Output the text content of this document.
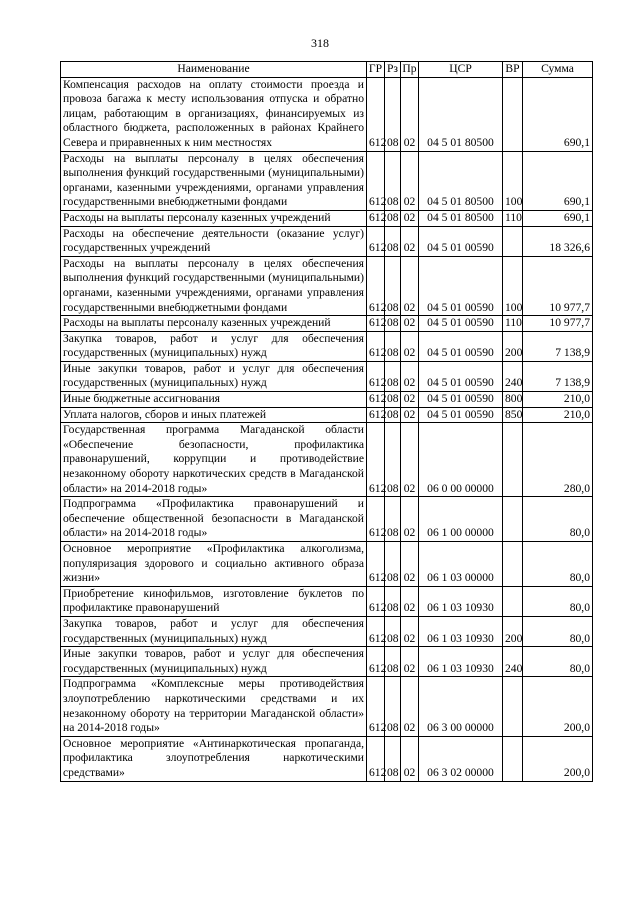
318
Наименование	ГР	Рз	Пр	ЦСР	ВР	Сумма
Компенсация расходов на оплату стоимости проезда и провоза багажа к месту использования отпуска и обратно лицам, работающим в организациях, финансируемых из областного бюджета, расположенных в районах Крайнего Севера и приравненных к ним местностях	612	08	02	04 5 01 80500		690,1
Расходы на выплаты персоналу в целях обеспечения выполнения функций государственными (муниципальными) органами, казенными учреждениями, органами управления государственными внебюджетными фондами	612	08	02	04 5 01 80500	100	690,1
Расходы на выплаты персоналу казенных учреждений	612	08	02	04 5 01 80500	110	690,1
Расходы на обеспечение деятельности (оказание услуг) государственных учреждений	612	08	02	04 5 01 00590		18 326,6
Расходы на выплаты персоналу в целях обеспечения выполнения функций государственными (муниципальными) органами, казенными учреждениями, органами управления государственными внебюджетными фондами	612	08	02	04 5 01 00590	100	10 977,7
Расходы на выплаты персоналу казенных учреждений	612	08	02	04 5 01 00590	110	10 977,7
Закупка товаров, работ и услуг для обеспечения государственных (муниципальных) нужд	612	08	02	04 5 01 00590	200	7 138,9
Иные закупки товаров, работ и услуг для обеспечения государственных (муниципальных) нужд	612	08	02	04 5 01 00590	240	7 138,9
Иные бюджетные ассигнования	612	08	02	04 5 01 00590	800	210,0
Уплата налогов, сборов и иных платежей	612	08	02	04 5 01 00590	850	210,0
Государственная программа Магаданской области «Обеспечение безопасности, профилактика правонарушений, коррупции и противодействие незаконному обороту наркотических средств в Магаданской области» на 2014-2018 годы»	612	08	02	06 0 00 00000		280,0
Подпрограмма «Профилактика правонарушений и обеспечение общественной безопасности в Магаданской области» на 2014-2018 годы»	612	08	02	06 1 00 00000		80,0
Основное мероприятие «Профилактика алкоголизма, популяризация здорового и социально активного образа жизни»	612	08	02	06 1 03 00000		80,0
Приобретение кинофильмов, изготовление буклетов по профилактике правонарушений	612	08	02	06 1 03 10930		80,0
Закупка товаров, работ и услуг для обеспечения государственных (муниципальных) нужд	612	08	02	06 1 03 10930	200	80,0
Иные закупки товаров, работ и услуг для обеспечения государственных (муниципальных) нужд	612	08	02	06 1 03 10930	240	80,0
Подпрограмма «Комплексные меры противодействия злоупотреблению наркотическими средствами и их незаконному обороту на территории Магаданской области» на 2014-2018 годы»	612	08	02	06 3 00 00000		200,0
Основное мероприятие «Антинаркотическая пропаганда, профилактика злоупотребления наркотическими средствами»	612	08	02	06 3 02 00000		200,0
